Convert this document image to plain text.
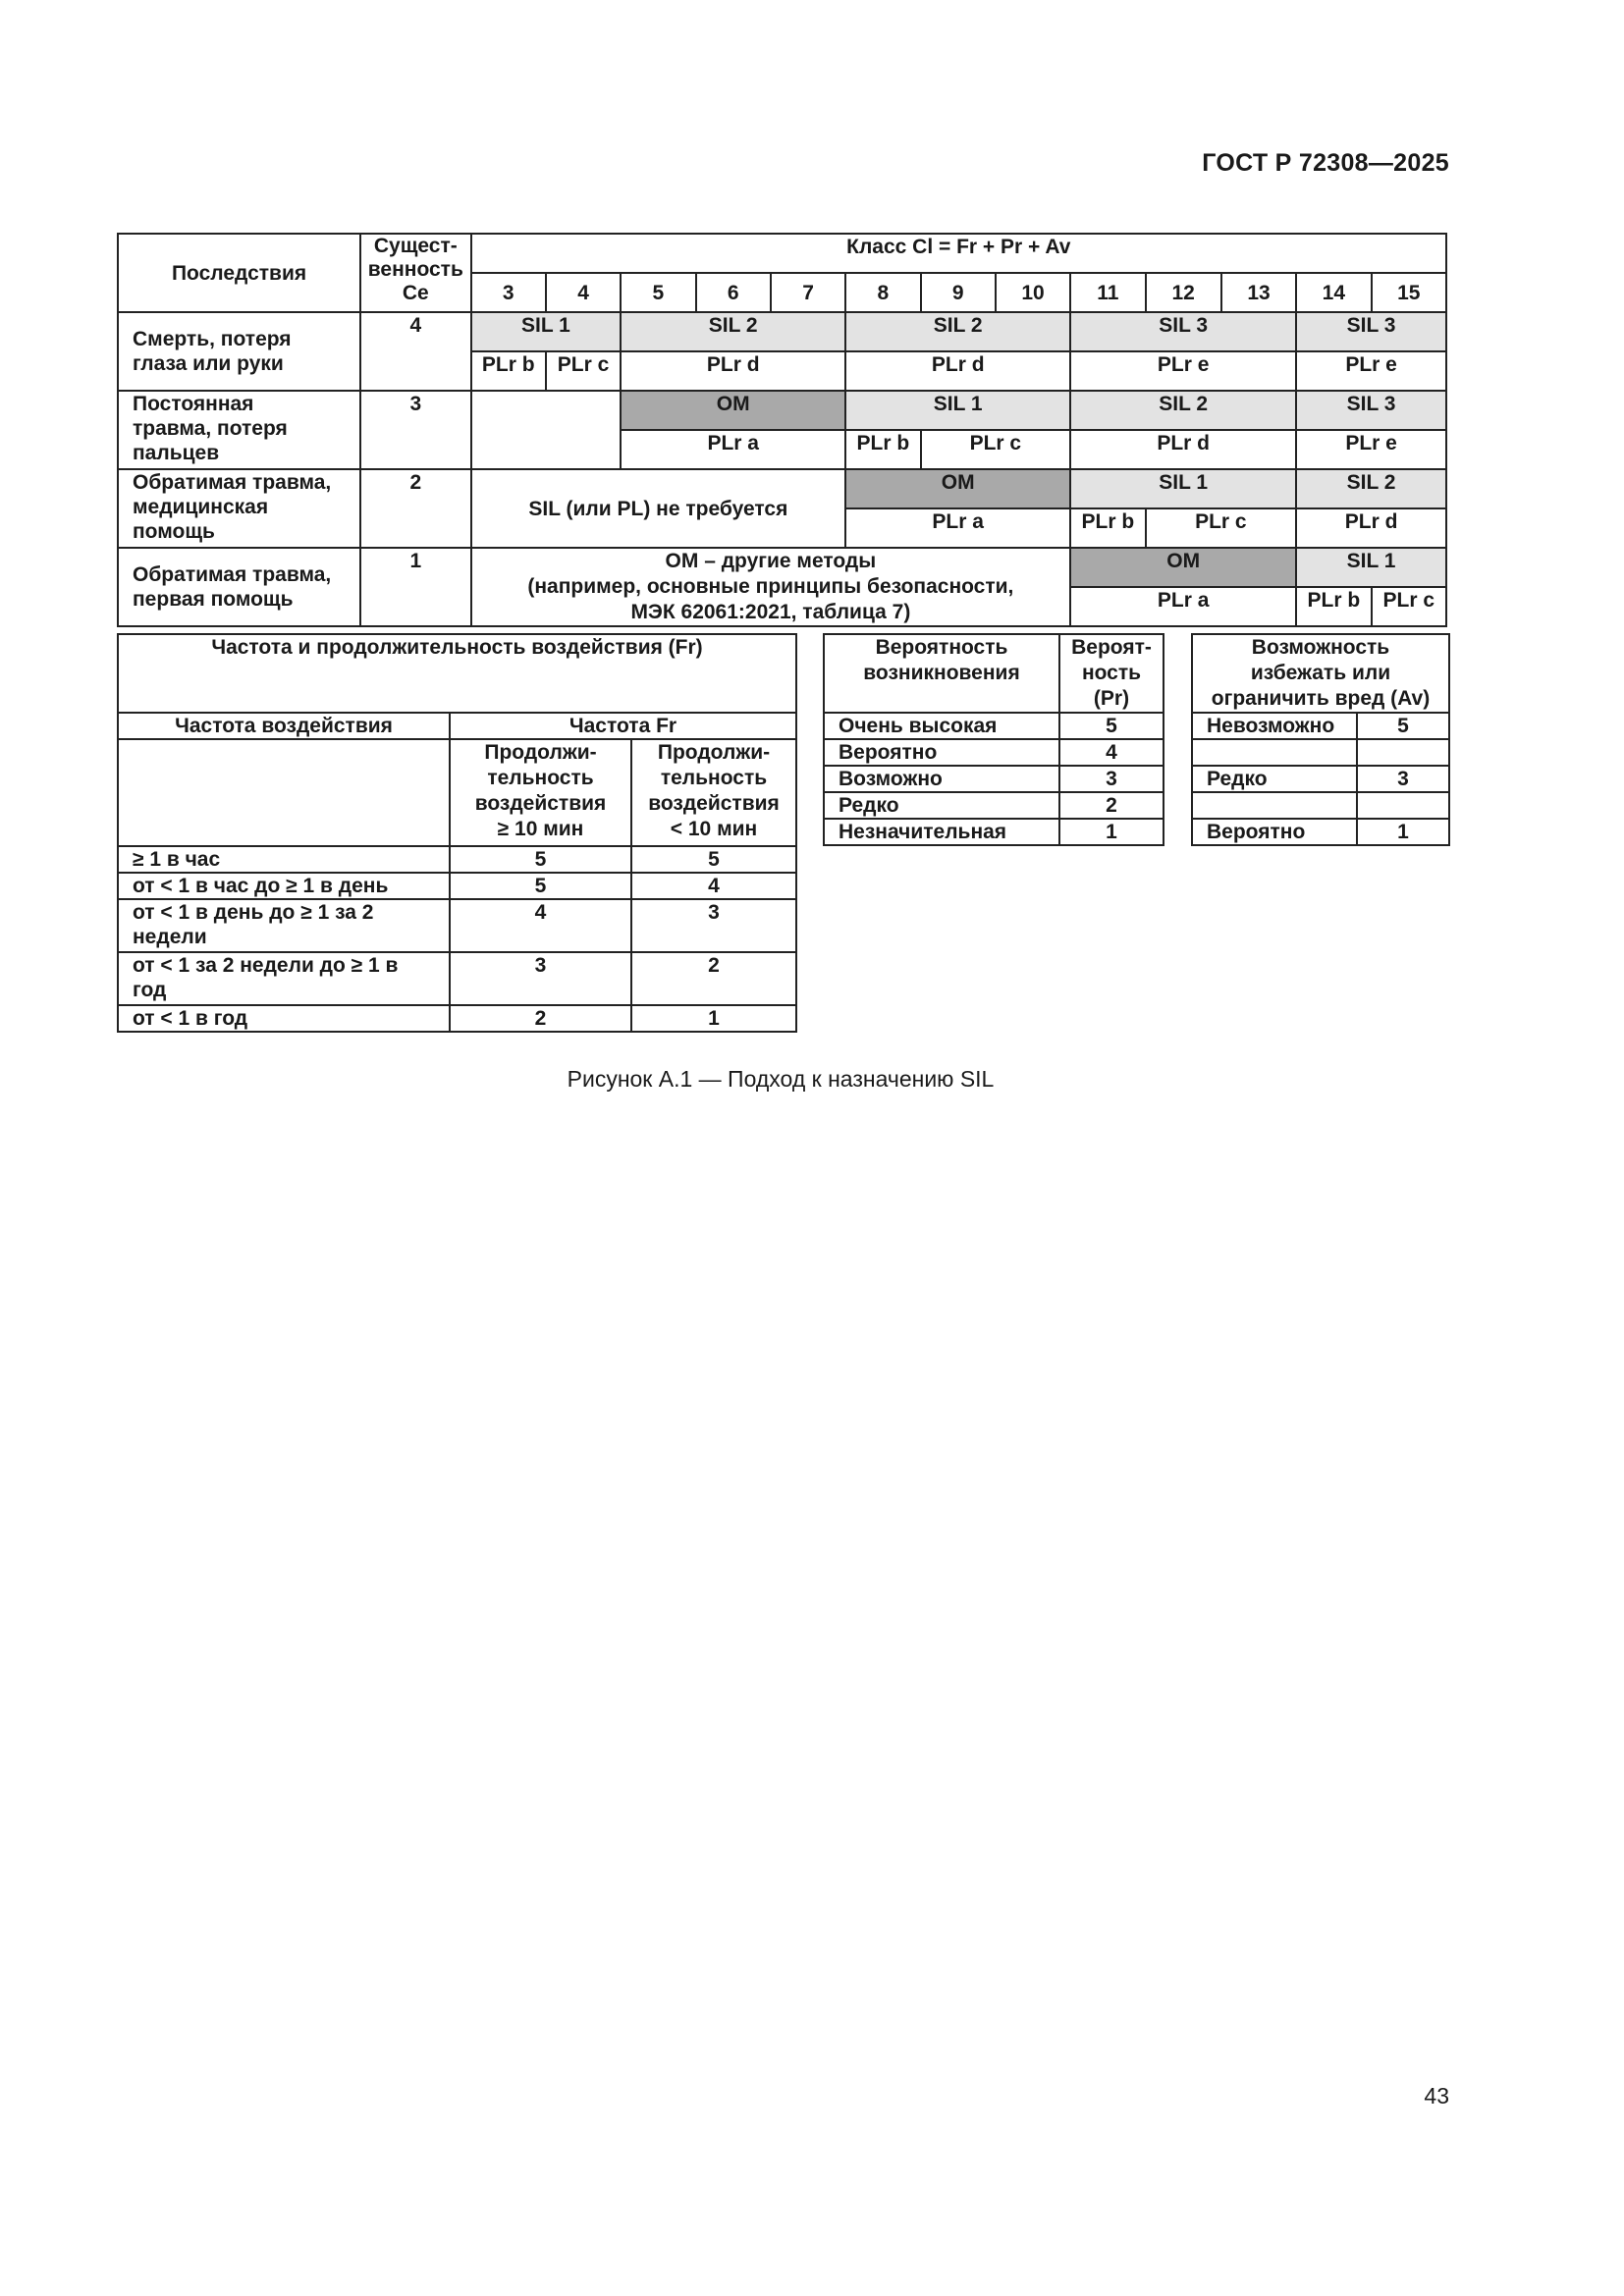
ГОСТ Р 72308—2025
Последствия	Сущест-
венность
Се	Класс Cl = Fr + Pr + Av												
		3	4	5	6	7	8	9	10	11	12	13	14	15
Смерть, потеря
глаза или руки	4	SIL 1		SIL 2			SIL 2			SIL 3			SIL 3	
		PLr b	PLr c	PLr d			PLr d			PLr e			PLr e	
Постоянная
травма, потеря
пальцев	3			OM			SIL 1			SIL 2			SIL 3	
				PLr a			PLr b	PLr c		PLr d			PLr e	
Обратимая травма,
медицинская
помощь	2	SIL (или PL) не требуется					OM			SIL 1			SIL 2	
							PLr a			PLr b	PLr c		PLr d	
Обратимая травма,
первая помощь	1	OM – другие методы
(например, основные принципы безопасности,
МЭК 62061:2021, таблица 7)								OM			SIL 1	
										PLr a			PLr b	PLr c
Частота и продолжительность воздействия (Fr)		
Частота воздействия	Частота Fr	
	Продолжи-
тельность
воздействия
≥ 10 мин	Продолжи-
тельность
воздействия
< 10 мин
≥ 1 в час	5	5
от < 1 в час до ≥ 1 в день	5	4
от < 1 в день до ≥ 1 за 2
недели	4	3
от < 1 за 2 недели до ≥ 1 в
год	3	2
от < 1 в год	2	1
Вероятность
возникновения	Вероят-
ность
(Pr)
Очень высокая	5
Вероятно	4
Возможно	3
Редко	2
Незначительная	1
Возможность
избежать или
ограничить вред (Av)	
Невозможно	5

Редко	3

Вероятно	1
Рисунок А.1 — Подход к назначению SIL
43
